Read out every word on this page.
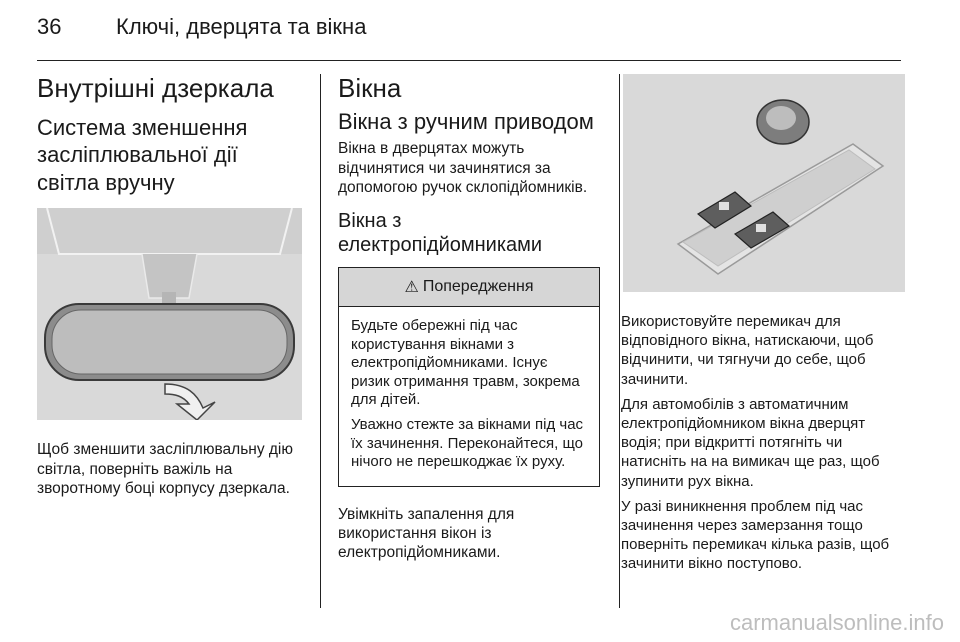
36 Ключі, дверцята та вікна
Внутрішні дзеркала
Система зменшення засліплювальної дії світла вручну

Щоб зменшити засліплювальну дію світла, поверніть важіль на зворотному боці корпусу дзеркала.

Вікна
Вікна з ручним приводом

Вікна в дверцятах можуть відчинятися чи зачинятися за допомогою ручок склопідйомників.

Вікна з електропідйомниками
⚠ Попередження

Будьте обережні під час користування вікнами з електропідйомниками. Існує ризик отримання травм, зокрема для дітей.

Уважно стежте за вікнами під час їх зачинення. Переконайтеся, що нічого не перешкоджає їх руху.

Увімкніть запалення для використання вікон із електропідйомниками.

Використовуйте перемикач для відповідного вікна, натискаючи, щоб відчинити, чи тягнучи до себе, щоб зачинити.

Для автомобілів з автоматичним електропідйомником вікна дверцят водія; при відкритті потягніть чи натисніть на на вимикач ще раз, щоб зупинити рух вікна.

У разі виникнення проблем під час зачинення через замерзання тощо поверніть перемикач кілька разів, щоб зачинити вікно поступово.

carmanualsonline.info
